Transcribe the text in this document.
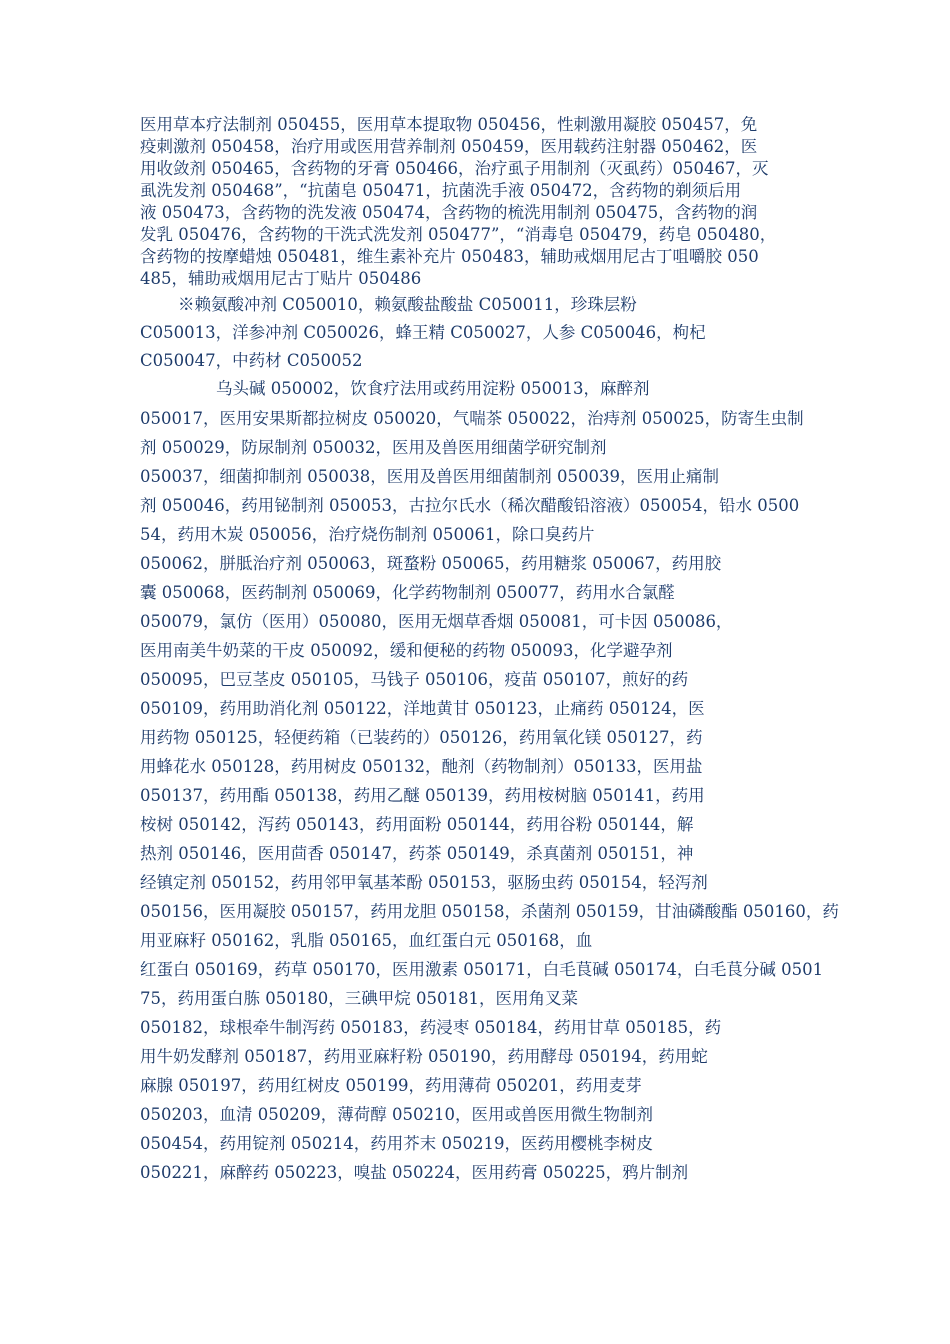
医用草本疗法制剂 050455，医用草本提取物 050456，性刺激用凝胶 050457，免
疫刺激剂 050458，治疗用或医用营养制剂 050459，医用载药注射器 050462，医
用收敛剂 050465，含药物的牙膏 050466，治疗虱子用制剂（灭虱药）050467，灭
虱洗发剂 050468”，“抗菌皂 050471，抗菌洗手液 050472，含药物的剃须后用
液 050473，含药物的洗发液 050474，含药物的梳洗用制剂 050475，含药物的润
发乳 050476，含药物的干洗式洗发剂 050477”，“消毒皂 050479，药皂 050480，
含药物的按摩蜡烛 050481，维生素补充片 050483，辅助戒烟用尼古丁咀嚼胶 050
485，辅助戒烟用尼古丁贴片 050486
※赖氨酸冲剂 C050010，赖氨酸盐酸盐 C050011，珍珠层粉
C050013，洋参冲剂 C050026，蜂王精 C050027，人参 C050046，枸杞
C050047，中药材 C050052
乌头碱 050002，饮食疗法用或药用淀粉 050013，麻醉剂
050017，医用安果斯都拉树皮 050020，气喘茶 050022，治痔剂 050025，防寄生虫制
剂 050029，防尿制剂 050032，医用及兽医用细菌学研究制剂
050037，细菌抑制剂 050038，医用及兽医用细菌制剂 050039，医用止痛制
剂 050046，药用铋制剂 050053，古拉尔氏水（稀次醋酸铅溶液）050054，铅水 0500
54，药用木炭 050056，治疗烧伤制剂 050061，除口臭药片
050062，胼胝治疗剂 050063，斑蝥粉 050065，药用糖浆 050067，药用胶
囊 050068，医药制剂 050069，化学药物制剂 050077，药用水合氯醛
050079，氯仿（医用）050080，医用无烟草香烟 050081，可卡因 050086，
医用南美牛奶菜的干皮 050092，缓和便秘的药物 050093，化学避孕剂
050095，巴豆茎皮 050105，马钱子 050106，疫苗 050107，煎好的药
050109，药用助消化剂 050122，洋地黄甘 050123，止痛药 050124，医
用药物 050125，轻便药箱（已装药的）050126，药用氧化镁 050127，药
用蜂花水 050128，药用树皮 050132，酏剂（药物制剂）050133，医用盐
050137，药用酯 050138，药用乙醚 050139，药用桉树脑 050141，药用
桉树 050142，泻药 050143，药用面粉 050144，药用谷粉 050144，解
热剂 050146，医用茴香 050147，药茶 050149，杀真菌剂 050151，神
经镇定剂 050152，药用邻甲氧基苯酚 050153，驱肠虫药 050154，轻泻剂
050156，医用凝胶 050157，药用龙胆 050158，杀菌剂 050159，甘油磷酸酯 050160，药
用亚麻籽 050162，乳脂 050165，血红蛋白元 050168，血
红蛋白 050169，药草 050170，医用激素 050171，白毛茛碱 050174，白毛茛分碱 0501
75，药用蛋白胨 050180，三碘甲烷 050181，医用角叉菜
050182，球根牵牛制泻药 050183，药浸枣 050184，药用甘草 050185，药
用牛奶发酵剂 050187，药用亚麻籽粉 050190，药用酵母 050194，药用蛇
麻腺 050197，药用红树皮 050199，药用薄荷 050201，药用麦芽
050203，血清 050209，薄荷醇 050210，医用或兽医用微生物制剂
050454，药用锭剂 050214，药用芥末 050219，医药用樱桃李树皮
050221，麻醉药 050223，嗅盐 050224，医用药膏 050225，鸦片制剂
